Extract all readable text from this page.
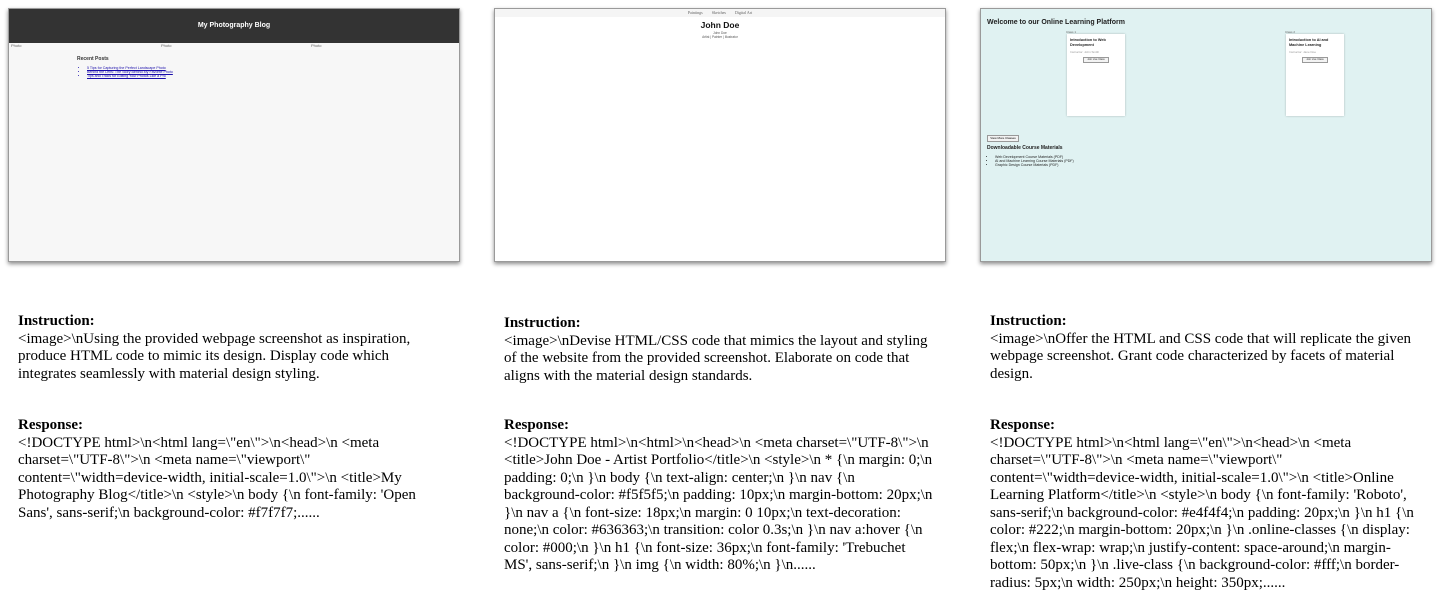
My Photography Blog
Photo	Photo	Photo
Recent Posts
• 5 Tips for Capturing the Perfect Landscape Photo
• Behind the Lens: The Story Behind My Favorite Photo
• Tips and Tricks for Editing Your Photos Like a Pro
Instruction:
<image>\nUsing the provided webpage screenshot as inspiration, produce HTML code to mimic its design. Display code which integrates seamlessly with material design styling.
Response:
<!DOCTYPE html>\n<html lang=\"en\">\n<head>\n <meta charset=\"UTF-8\">\n <meta name=\"viewport\" content=\"width=device-width, initial-scale=1.0\">\n <title>My Photography Blog</title>\n <style>\n body {\n font-family: 'Open Sans', sans-serif;\n background-color: #f7f7f7;......
Paintings Sketches Digital Art
John Doe
John Doe
Artist | Painter | Illustrator
Instruction:
<image>\nDevise HTML/CSS code that mimics the layout and styling of the website from the provided screenshot. Elaborate on code that aligns with the material design standards.
Response:
<!DOCTYPE html>\n<html>\n<head>\n <meta charset=\"UTF-8\">\n <title>John Doe - Artist Portfolio</title>\n <style>\n * {\n margin: 0;\n padding: 0;\n }\n body {\n text-align: center;\n }\n nav {\n background-color: #f5f5f5;\n padding: 10px;\n margin-bottom: 20px;\n }\n nav a {\n font-size: 18px;\n margin: 0 10px;\n text-decoration: none;\n color: #636363;\n transition: color 0.3s;\n }\n nav a:hover {\n color: #000;\n }\n h1 {\n font-size: 36px;\n font-family: 'Trebuchet MS', sans-serif;\n }\n img {\n width: 80%;\n }\n......
Welcome to our Online Learning Platform
Class 1
Introduction to Web Development
Instructor: John Smith
Join Live Class
Class 2
Introduction to AI and Machine Learning
Instructor: Jane Doe
Join Live Class
View More Classes
Downloadable Course Materials
• Web Development Course Materials (PDF)
• AI and Machine Learning Course Materials (PDF)
• Graphic Design Course Materials (PDF)
Instruction:
<image>\nOffer the HTML and CSS code that will replicate the given webpage screenshot. Grant code characterized by facets of material design.
Response:
<!DOCTYPE html>\n<html lang=\"en\">\n<head>\n <meta charset=\"UTF-8\">\n <meta name=\"viewport\" content=\"width=device-width, initial-scale=1.0\">\n <title>Online Learning Platform</title>\n <style>\n body {\n font-family: 'Roboto', sans-serif;\n background-color: #e4f4f4;\n padding: 20px;\n }\n h1 {\n color: #222;\n margin-bottom: 20px;\n }\n .online-classes {\n display: flex;\n flex-wrap: wrap;\n justify-content: space-around;\n margin-bottom: 50px;\n }\n .live-class {\n background-color: #fff;\n border-radius: 5px;\n width: 250px;\n height: 350px;......
